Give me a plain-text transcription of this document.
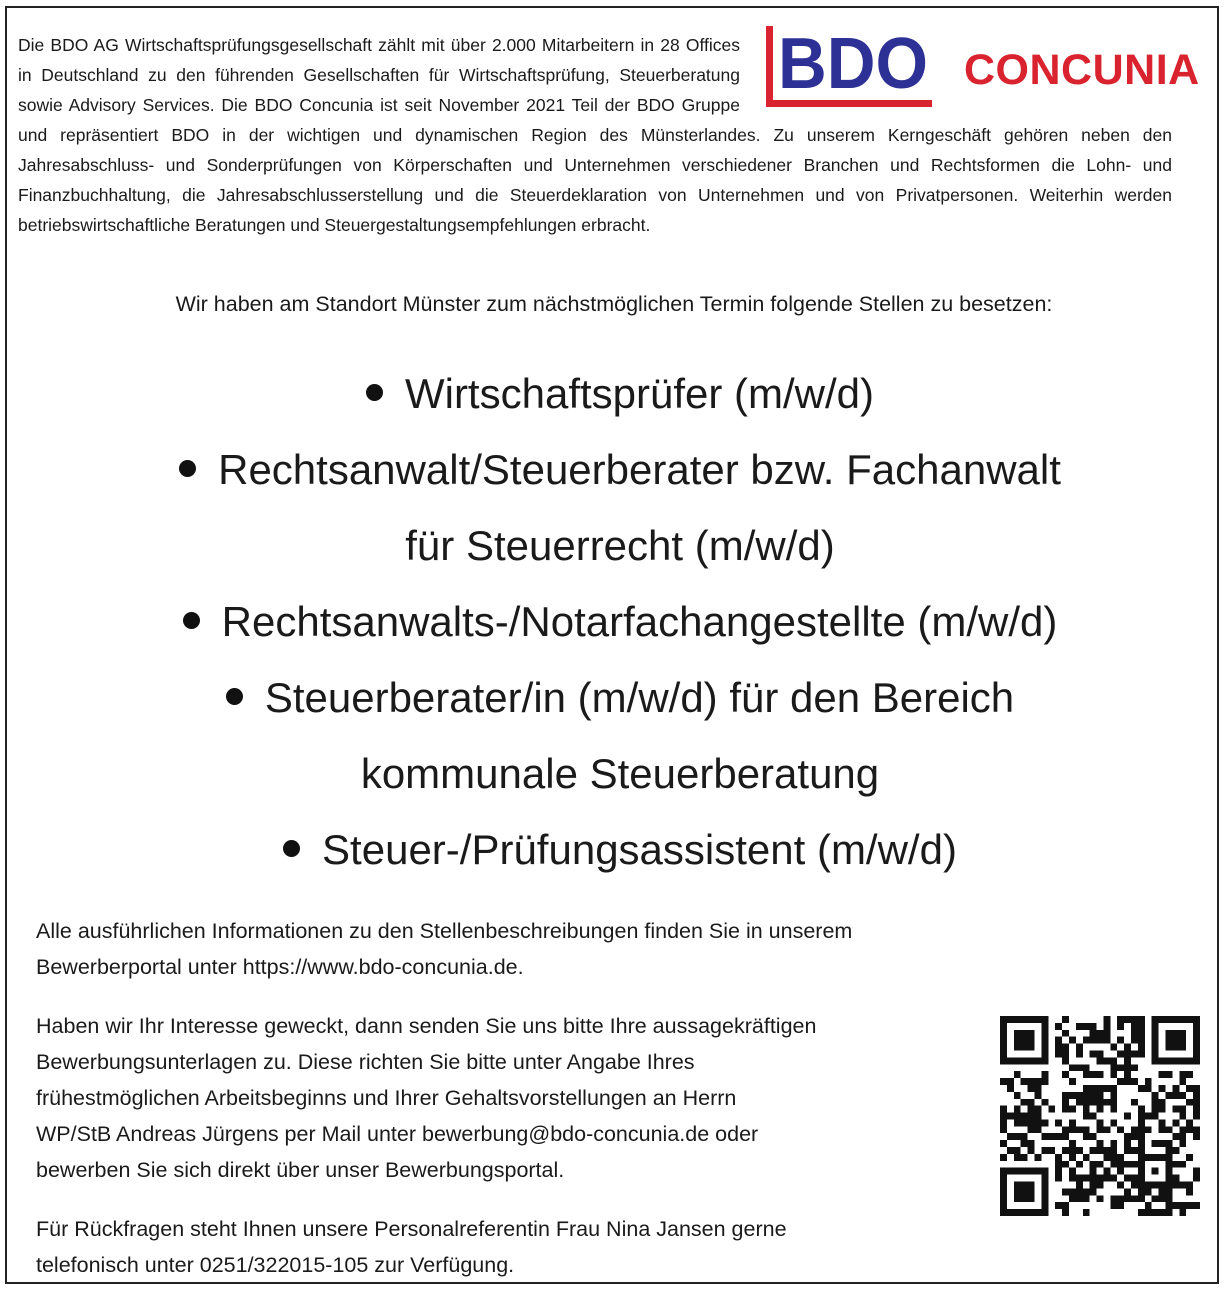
BDO CONCUNIA

Die BDO AG Wirtschaftsprüfungsgesellschaft zählt mit über 2.000 Mitarbeitern in 28 Offices in Deutschland zu den führenden Gesellschaften für Wirtschaftsprüfung, Steuerberatung sowie Advisory Services. Die BDO Concunia ist seit November 2021 Teil der BDO Gruppe und repräsentiert BDO in der wichtigen und dynamischen Region des Münsterlandes. Zu unserem Kerngeschäft gehören neben den Jahresabschluss- und Sonderprüfungen von Körperschaften und Unternehmen verschiedener Branchen und Rechtsformen die Lohn- und Finanzbuchhaltung, die Jahresabschlusserstellung und die Steuerdeklaration von Unternehmen und von Privatpersonen. Weiterhin werden betriebswirtschaftliche Beratungen und Steuergestaltungsempfehlungen erbracht.

Wir haben am Standort Münster zum nächstmöglichen Termin folgende Stellen zu besetzen:

Wirtschaftsprüfer (m/w/d)
Rechtsanwalt/Steuerberater bzw. Fachanwalt
für Steuerrecht (m/w/d)
Rechtsanwalts-/Notarfachangestellte (m/w/d)
Steuerberater/in (m/w/d) für den Bereich
kommunale Steuerberatung
Steuer-/Prüfungsassistent (m/w/d)

Alle ausführlichen Informationen zu den Stellenbeschreibungen finden Sie in unserem
Bewerberportal unter https://www.bdo-concunia.de.

Haben wir Ihr Interesse geweckt, dann senden Sie uns bitte Ihre aussagekräftigen
Bewerbungsunterlagen zu. Diese richten Sie bitte unter Angabe Ihres
frühestmöglichen Arbeitsbeginns und Ihrer Gehaltsvorstellungen an Herrn
WP/StB Andreas Jürgens per Mail unter bewerbung@bdo-concunia.de oder
bewerben Sie sich direkt über unser Bewerbungsportal.

Für Rückfragen steht Ihnen unsere Personalreferentin Frau Nina Jansen gerne
telefonisch unter 0251/322015-105 zur Verfügung.
